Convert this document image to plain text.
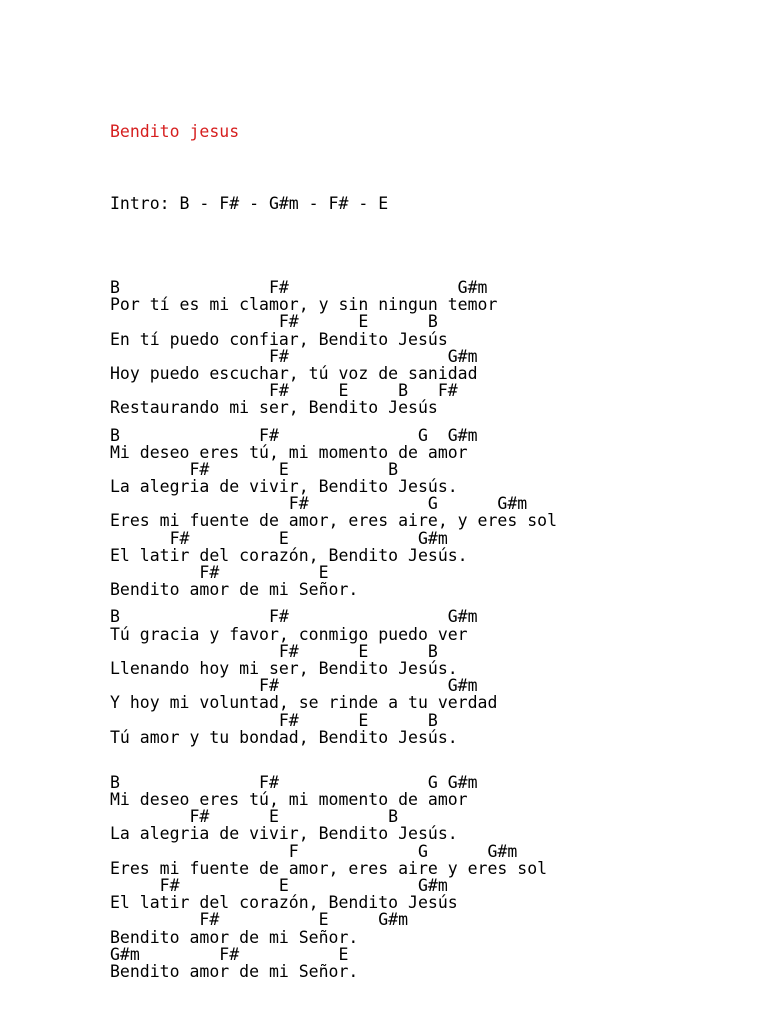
Bendito jesus

Intro: B - F# - G#m - F# - E

B               F#                 G#m
Por tí es mi clamor, y sin ningun temor
F#      E      B
En tí puedo confiar, Bendito Jesús
F#                G#m
Hoy puedo escuchar, tú voz de sanidad
F#     E     B   F#
Restaurando mi ser, Bendito Jesús
B              F#              G  G#m
Mi deseo eres tú, mi momento de amor
F#       E          B
La alegria de vivir, Bendito Jesús.
F#            G      G#m
Eres mi fuente de amor, eres aire, y eres sol
F#         E             G#m
El latir del corazón, Bendito Jesús.
F#          E
Bendito amor de mi Señor.
B               F#                G#m
Tú gracia y favor, conmigo puedo ver
F#      E      B
Llenando hoy mi ser, Bendito Jesús.
F#                 G#m
Y hoy mi voluntad, se rinde a tu verdad
F#      E      B
Tú amor y tu bondad, Bendito Jesús.
B              F#               G G#m
Mi deseo eres tú, mi momento de amor
F#      E           B
La alegria de vivir, Bendito Jesús.
F            G      G#m
Eres mi fuente de amor, eres aire y eres sol
F#          E             G#m
El latir del corazón, Bendito Jesús
F#          E     G#m
Bendito amor de mi Señor.
G#m        F#          E
Bendito amor de mi Señor.
